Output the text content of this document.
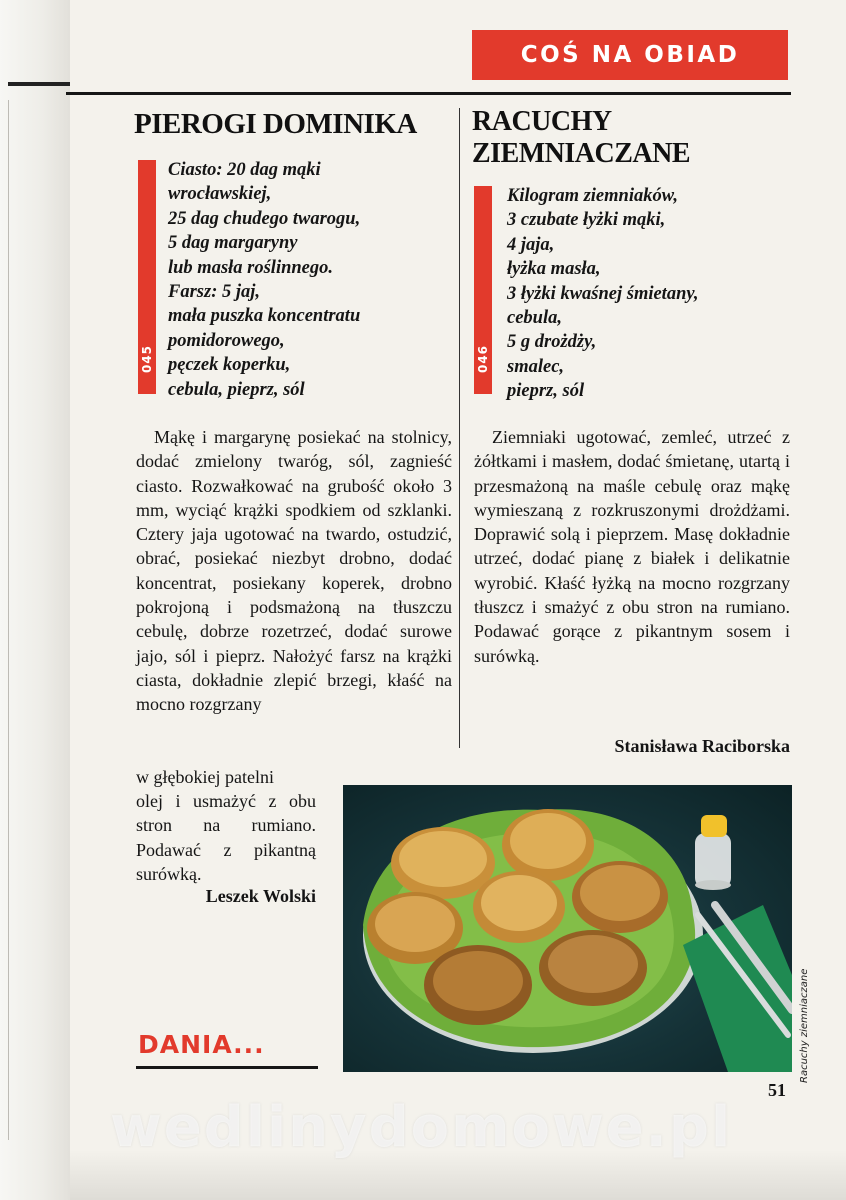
COŚ NA OBIAD
PIEROGI DOMINIKA
045
Ciasto: 20 dag mąki
wrocławskiej,
25 dag chudego twarogu,
5 dag margaryny
lub masła roślinnego.
Farsz: 5 jaj,
mała puszka koncentratu
pomidorowego,
pęczek koperku,
cebula, pieprz, sól

Mąkę i margarynę posiekać na stolnicy, dodać zmielony twaróg, sól, zagnieść ciasto. Rozwałkować na grubość około 3 mm, wyciąć krążki spodkiem od szklanki. Cztery jaja ugotować na twardo, ostudzić, obrać, posiekać niezbyt drobno, dodać koncentrat, posiekany koperek, drobno pokrojoną i podsmażoną na tłuszczu cebulę, dobrze rozetrzeć, dodać surowe jajo, sól i pieprz. Nałożyć farsz na krążki ciasta, dokładnie zlepić brzegi, kłaść na mocno rozgrzany

w głębokiej patelni

olej i usmażyć z obu stron na rumiano. Podawać z pikantną surówką.

Leszek Wolski

RACUCHY ZIEMNIACZANE
046
Kilogram ziemniaków,
3 czubate łyżki mąki,
4 jaja,
łyżka masła,
3 łyżki kwaśnej śmietany,
cebula,
5 g drożdży,
smalec,
pieprz, sól

Ziemniaki ugotować, zemleć, utrzeć z żółtkami i masłem, dodać śmietanę, utartą i przesmażoną na maśle cebulę oraz mąkę wymieszaną z rozkruszonymi drożdżami. Doprawić solą i pieprzem. Masę dokładnie utrzeć, dodać pianę z białek i delikatnie wyrobić. Kłaść łyżką na mocno rozgrzany tłuszcz i smażyć z obu stron na rumiano. Podawać gorące z pikantnym sosem i surówką.

Stanisława Raciborska

Racuchy ziemniaczane

DANIA...

51

wedlinydomowe.pl
